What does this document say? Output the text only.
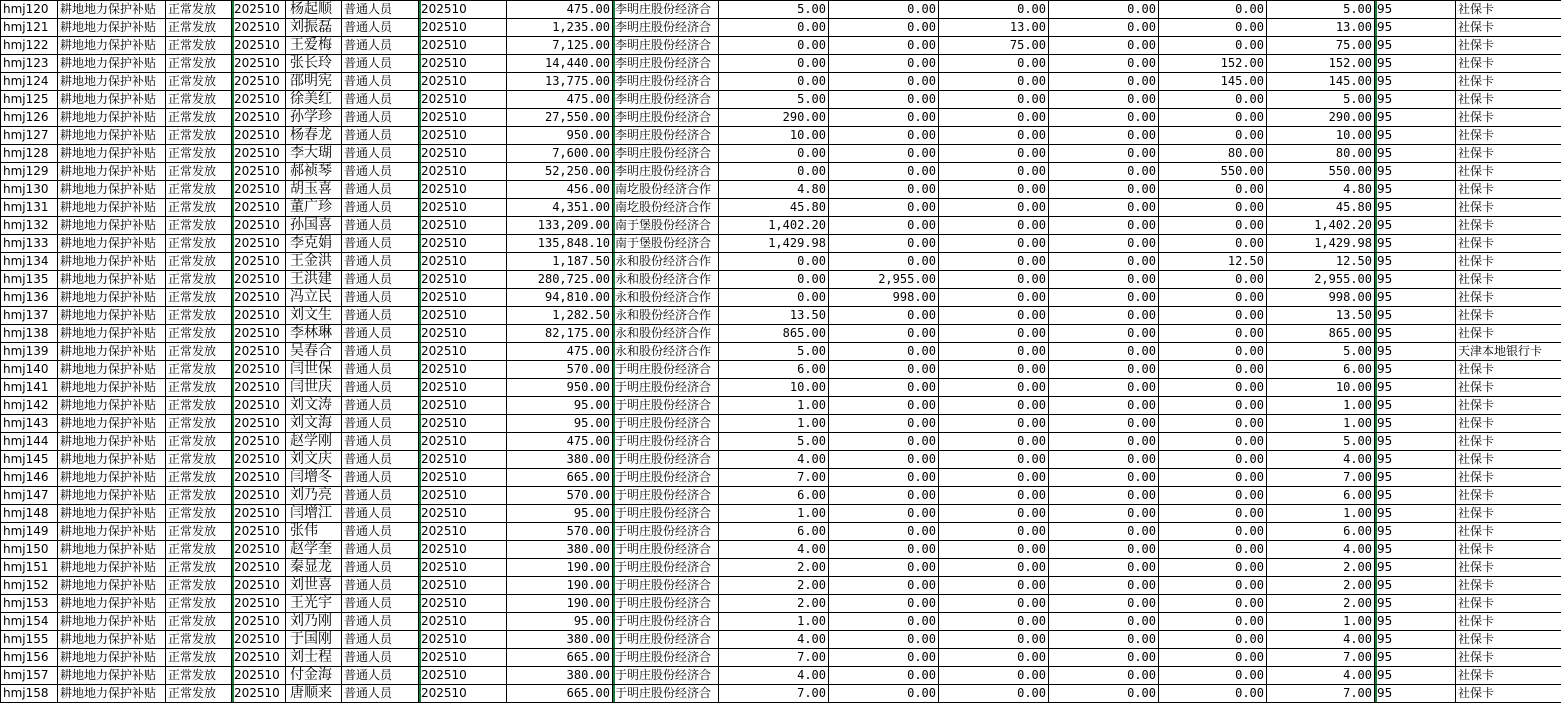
hmj120	耕地地力保护补贴	正常发放	202510	杨起顺	普通人员	202510	475.00	李明庄股份经济合	5.00	0.00	0.00	0.00	0.00	5.00	95	社保卡
hmj121	耕地地力保护补贴	正常发放	202510	刘振磊	普通人员	202510	1,235.00	李明庄股份经济合	0.00	0.00	13.00	0.00	0.00	13.00	95	社保卡
hmj122	耕地地力保护补贴	正常发放	202510	王爱梅	普通人员	202510	7,125.00	李明庄股份经济合	0.00	0.00	75.00	0.00	0.00	75.00	95	社保卡
hmj123	耕地地力保护补贴	正常发放	202510	张长玲	普通人员	202510	14,440.00	李明庄股份经济合	0.00	0.00	0.00	0.00	152.00	152.00	95	社保卡
hmj124	耕地地力保护补贴	正常发放	202510	邵明宪	普通人员	202510	13,775.00	李明庄股份经济合	0.00	0.00	0.00	0.00	145.00	145.00	95	社保卡
hmj125	耕地地力保护补贴	正常发放	202510	徐美红	普通人员	202510	475.00	李明庄股份经济合	5.00	0.00	0.00	0.00	0.00	5.00	95	社保卡
hmj126	耕地地力保护补贴	正常发放	202510	孙学珍	普通人员	202510	27,550.00	李明庄股份经济合	290.00	0.00	0.00	0.00	0.00	290.00	95	社保卡
hmj127	耕地地力保护补贴	正常发放	202510	杨春龙	普通人员	202510	950.00	李明庄股份经济合	10.00	0.00	0.00	0.00	0.00	10.00	95	社保卡
hmj128	耕地地力保护补贴	正常发放	202510	李大瑚	普通人员	202510	7,600.00	李明庄股份经济合	0.00	0.00	0.00	0.00	80.00	80.00	95	社保卡
hmj129	耕地地力保护补贴	正常发放	202510	郝祯琴	普通人员	202510	52,250.00	李明庄股份经济合	0.00	0.00	0.00	0.00	550.00	550.00	95	社保卡
hmj130	耕地地力保护补贴	正常发放	202510	胡玉喜	普通人员	202510	456.00	南圪股份经济合作	4.80	0.00	0.00	0.00	0.00	4.80	95	社保卡
hmj131	耕地地力保护补贴	正常发放	202510	董广珍	普通人员	202510	4,351.00	南圪股份经济合作	45.80	0.00	0.00	0.00	0.00	45.80	95	社保卡
hmj132	耕地地力保护补贴	正常发放	202510	孙国喜	普通人员	202510	133,209.00	南于堡股份经济合	1,402.20	0.00	0.00	0.00	0.00	1,402.20	95	社保卡
hmj133	耕地地力保护补贴	正常发放	202510	李克娟	普通人员	202510	135,848.10	南于堡股份经济合	1,429.98	0.00	0.00	0.00	0.00	1,429.98	95	社保卡
hmj134	耕地地力保护补贴	正常发放	202510	王金洪	普通人员	202510	1,187.50	永和股份经济合作	0.00	0.00	0.00	0.00	12.50	12.50	95	社保卡
hmj135	耕地地力保护补贴	正常发放	202510	王洪建	普通人员	202510	280,725.00	永和股份经济合作	0.00	2,955.00	0.00	0.00	0.00	2,955.00	95	社保卡
hmj136	耕地地力保护补贴	正常发放	202510	冯立民	普通人员	202510	94,810.00	永和股份经济合作	0.00	998.00	0.00	0.00	0.00	998.00	95	社保卡
hmj137	耕地地力保护补贴	正常发放	202510	刘文生	普通人员	202510	1,282.50	永和股份经济合作	13.50	0.00	0.00	0.00	0.00	13.50	95	社保卡
hmj138	耕地地力保护补贴	正常发放	202510	李林琳	普通人员	202510	82,175.00	永和股份经济合作	865.00	0.00	0.00	0.00	0.00	865.00	95	社保卡
hmj139	耕地地力保护补贴	正常发放	202510	吴春合	普通人员	202510	475.00	永和股份经济合作	5.00	0.00	0.00	0.00	0.00	5.00	95	天津本地银行卡
hmj140	耕地地力保护补贴	正常发放	202510	闫世保	普通人员	202510	570.00	于明庄股份经济合	6.00	0.00	0.00	0.00	0.00	6.00	95	社保卡
hmj141	耕地地力保护补贴	正常发放	202510	闫世庆	普通人员	202510	950.00	于明庄股份经济合	10.00	0.00	0.00	0.00	0.00	10.00	95	社保卡
hmj142	耕地地力保护补贴	正常发放	202510	刘文涛	普通人员	202510	95.00	于明庄股份经济合	1.00	0.00	0.00	0.00	0.00	1.00	95	社保卡
hmj143	耕地地力保护补贴	正常发放	202510	刘文海	普通人员	202510	95.00	于明庄股份经济合	1.00	0.00	0.00	0.00	0.00	1.00	95	社保卡
hmj144	耕地地力保护补贴	正常发放	202510	赵学刚	普通人员	202510	475.00	于明庄股份经济合	5.00	0.00	0.00	0.00	0.00	5.00	95	社保卡
hmj145	耕地地力保护补贴	正常发放	202510	刘文庆	普通人员	202510	380.00	于明庄股份经济合	4.00	0.00	0.00	0.00	0.00	4.00	95	社保卡
hmj146	耕地地力保护补贴	正常发放	202510	闫增冬	普通人员	202510	665.00	于明庄股份经济合	7.00	0.00	0.00	0.00	0.00	7.00	95	社保卡
hmj147	耕地地力保护补贴	正常发放	202510	刘乃亮	普通人员	202510	570.00	于明庄股份经济合	6.00	0.00	0.00	0.00	0.00	6.00	95	社保卡
hmj148	耕地地力保护补贴	正常发放	202510	闫增江	普通人员	202510	95.00	于明庄股份经济合	1.00	0.00	0.00	0.00	0.00	1.00	95	社保卡
hmj149	耕地地力保护补贴	正常发放	202510	张伟	普通人员	202510	570.00	于明庄股份经济合	6.00	0.00	0.00	0.00	0.00	6.00	95	社保卡
hmj150	耕地地力保护补贴	正常发放	202510	赵学奎	普通人员	202510	380.00	于明庄股份经济合	4.00	0.00	0.00	0.00	0.00	4.00	95	社保卡
hmj151	耕地地力保护补贴	正常发放	202510	秦显龙	普通人员	202510	190.00	于明庄股份经济合	2.00	0.00	0.00	0.00	0.00	2.00	95	社保卡
hmj152	耕地地力保护补贴	正常发放	202510	刘世喜	普通人员	202510	190.00	于明庄股份经济合	2.00	0.00	0.00	0.00	0.00	2.00	95	社保卡
hmj153	耕地地力保护补贴	正常发放	202510	王光宇	普通人员	202510	190.00	于明庄股份经济合	2.00	0.00	0.00	0.00	0.00	2.00	95	社保卡
hmj154	耕地地力保护补贴	正常发放	202510	刘乃刚	普通人员	202510	95.00	于明庄股份经济合	1.00	0.00	0.00	0.00	0.00	1.00	95	社保卡
hmj155	耕地地力保护补贴	正常发放	202510	于国刚	普通人员	202510	380.00	于明庄股份经济合	4.00	0.00	0.00	0.00	0.00	4.00	95	社保卡
hmj156	耕地地力保护补贴	正常发放	202510	刘士程	普通人员	202510	665.00	于明庄股份经济合	7.00	0.00	0.00	0.00	0.00	7.00	95	社保卡
hmj157	耕地地力保护补贴	正常发放	202510	付金海	普通人员	202510	380.00	于明庄股份经济合	4.00	0.00	0.00	0.00	0.00	4.00	95	社保卡
hmj158	耕地地力保护补贴	正常发放	202510	唐顺来	普通人员	202510	665.00	于明庄股份经济合	7.00	0.00	0.00	0.00	0.00	7.00	95	社保卡
